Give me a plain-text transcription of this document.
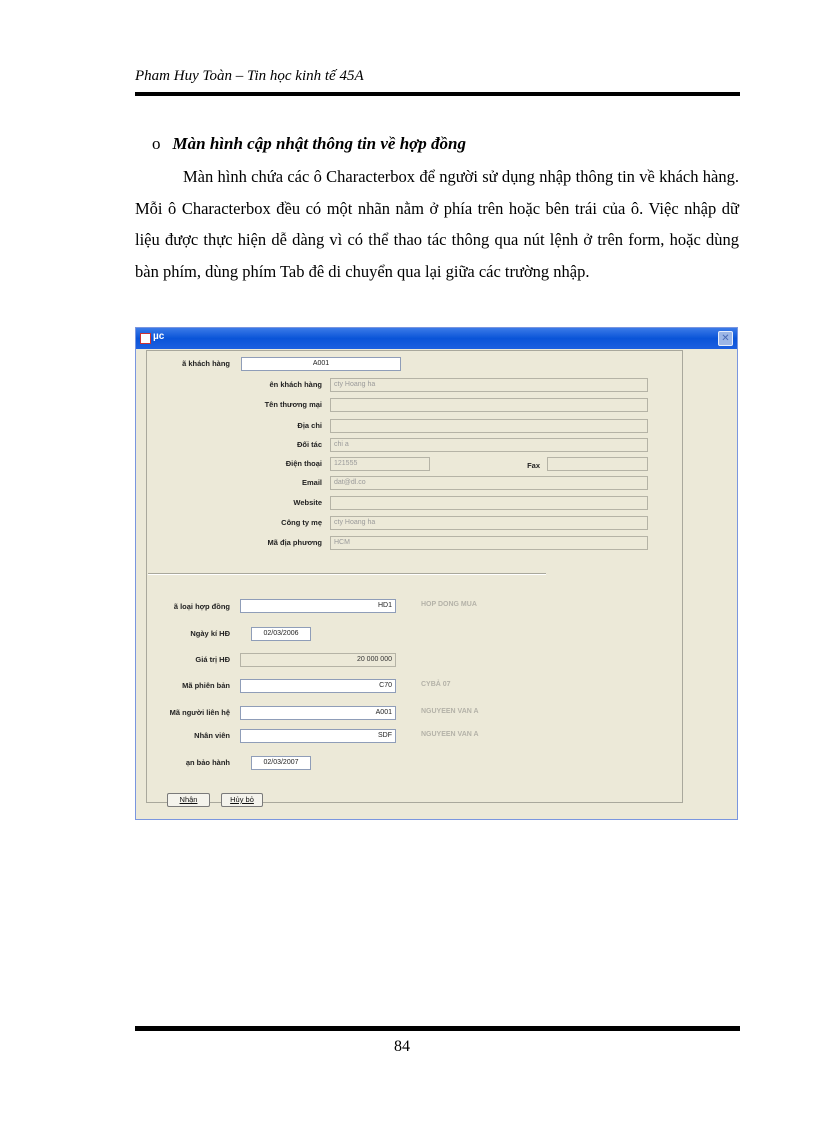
Pham Huy Toàn – Tin học kinh tế 45A
o Màn hình cập nhật thông tin về hợp đồng
Màn hình chứa các ô Characterbox để người sử dụng nhập thông tin về khách hàng. Mỗi ô Characterbox đều có một nhãn nằm ở phía trên hoặc bên trái của ô. Việc nhập dữ liệu được thực hiện dễ dàng vì có thể thao tác thông qua nút lệnh ở trên form, hoặc dùng bàn phím, dùng phím Tab đê di chuyển qua lại giữa các trường nhập.
µc	✕
ã khách hàng	A001
ên khách hàng	cty Hoang ha
Tên thương mại
Địa chỉ
Đối tác	chi a
Điện thoại	121555	Fax
Email	dat@dl.co
Website
Công ty mẹ	cty Hoang ha
Mã địa phương	HCM
ã loại hợp đồng	HD1	HOP DONG MUA
Ngày kí HĐ	02/03/2006
Giá trị HĐ	20 000 000
Mã phiên bản	C70	CYBẢ 07
Mã người liên hệ	A001	NGUYEEN VAN A
Nhân viên	SDF	NGUYEEN VAN A
ạn bảo hành	02/03/2007
Nhận	Hủy bỏ
84
